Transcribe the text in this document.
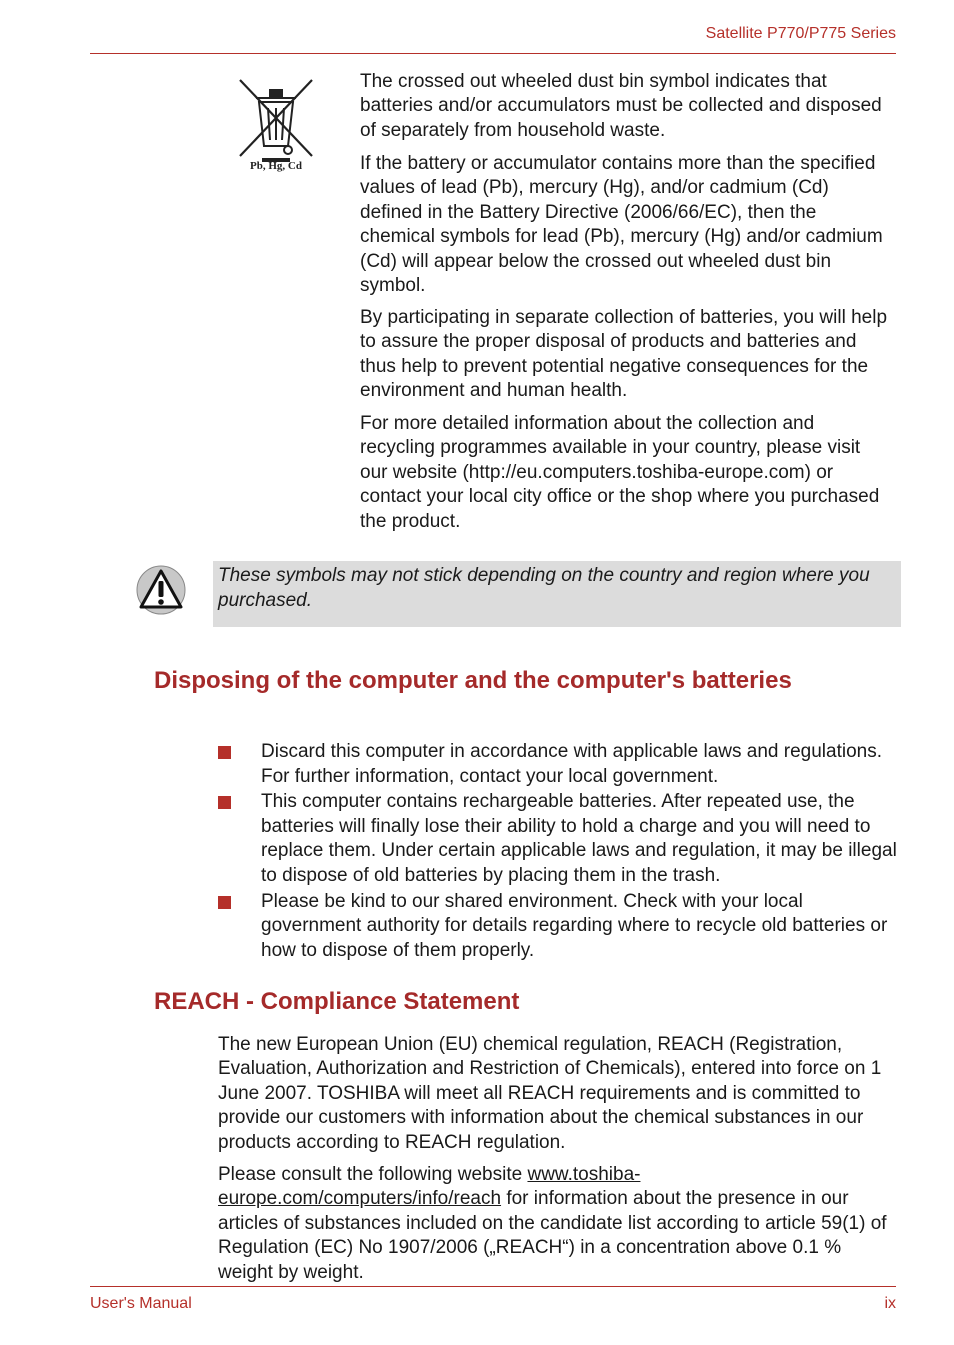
Satellite P770/P775 Series
Pb, Hg, Cd

The crossed out wheeled dust bin symbol indicates that batteries and/or accumulators must be collected and disposed of separately from household waste.

If the battery or accumulator contains more than the specified values of lead (Pb), mercury (Hg), and/or cadmium (Cd) defined in the Battery Directive (2006/66/EC), then the chemical symbols for lead (Pb), mercury (Hg) and/or cadmium (Cd) will appear below the crossed out wheeled dust bin symbol.

By participating in separate collection of batteries, you will help to assure the proper disposal of products and batteries and thus help to prevent potential negative consequences for the environment and human health.

For more detailed information about the collection and recycling programmes available in your country, please visit our website (http://eu.computers.toshiba-europe.com) or contact your local city office or the shop where you purchased the product.

These symbols may not stick depending on the country and region where you purchased.

Disposing of the computer and the computer's batteries
Discard this computer in accordance with applicable laws and regulations. For further information, contact your local government.
This computer contains rechargeable batteries. After repeated use, the batteries will finally lose their ability to hold a charge and you will need to replace them. Under certain applicable laws and regulation, it may be illegal to dispose of old batteries by placing them in the trash.
Please be kind to our shared environment. Check with your local government authority for details regarding where to recycle old batteries or how to dispose of them properly.
REACH - Compliance Statement

The new European Union (EU) chemical regulation, REACH (Registration, Evaluation, Authorization and Restriction of Chemicals), entered into force on 1 June 2007. TOSHIBA will meet all REACH requirements and is committed to provide our customers with information about the chemical substances in our products according to REACH regulation.

Please consult the following website www.toshiba-europe.com/computers/info/reach for information about the presence in our articles of substances included on the candidate list according to article 59(1) of Regulation (EC) No 1907/2006 („REACH“) in a concentration above 0.1 % weight by weight.

User's Manual	ix
